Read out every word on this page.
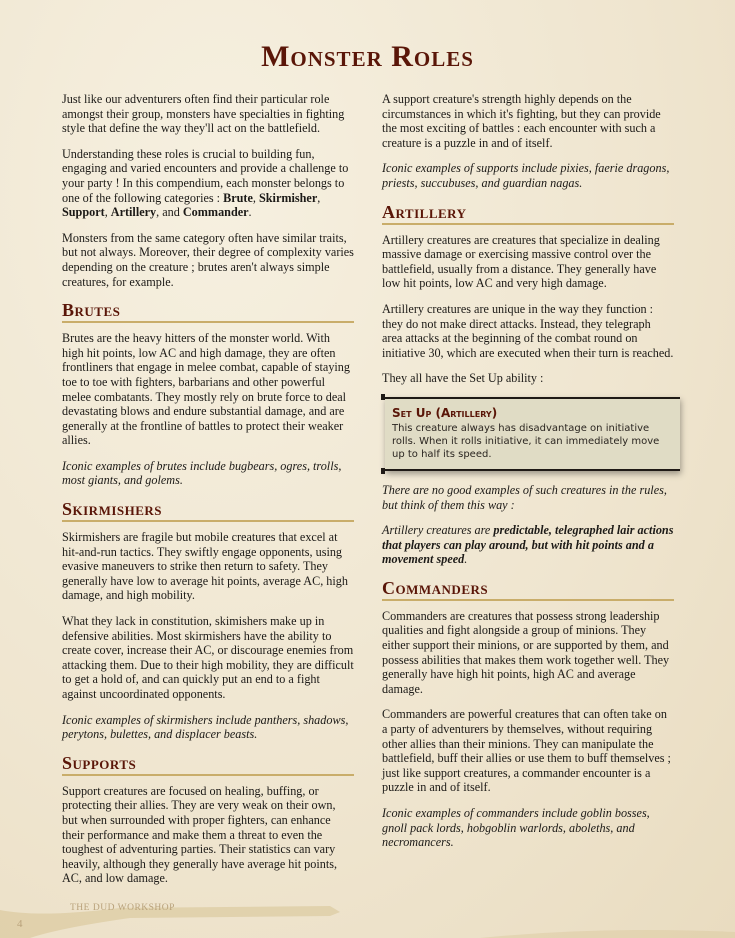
Monster Roles

Just like our adventurers often find their particular role amongst their group, monsters have specialties in fighting style that define the way they'll act on the battlefield.

Understanding these roles is crucial to building fun, engaging and varied encounters and provide a challenge to your party ! In this compendium, each monster belongs to one of the following categories : Brute, Skirmisher, Support, Artillery, and Commander.

Monsters from the same category often have similar traits, but not always. Moreover, their degree of complexity varies depending on the creature ; brutes aren't always simple creatures, for example.

Brutes

Brutes are the heavy hitters of the monster world. With high hit points, low AC and high damage, they are often frontliners that engage in melee combat, capable of staying toe to toe with fighters, barbarians and other powerful melee combatants. They mostly rely on brute force to deal devastating blows and endure substantial damage, and are generally at the frontline of battles to protect their weaker allies.

Iconic examples of brutes include bugbears, ogres, trolls, most giants, and golems.

Skirmishers

Skirmishers are fragile but mobile creatures that excel at hit-and-run tactics. They swiftly engage opponents, using evasive maneuvers to strike then return to safety. They generally have low to average hit points, average AC, high damage, and high mobility.

What they lack in constitution, skimishers make up in defensive abilities. Most skirmishers have the ability to create cover, increase their AC, or discourage enemies from attacking them. Due to their high mobility, they are difficult to get a hold of, and can quickly put an end to a fight against uncoordinated opponents.

Iconic examples of skirmishers include panthers, shadows, perytons, bulettes, and displacer beasts.

Supports

Support creatures are focused on healing, buffing, or protecting their allies. They are very weak on their own, but when surrounded with proper fighters, can enhance their performance and make them a threat to even the toughest of adventuring parties. Their statistics can vary heavily, although they generally have average hit points, AC, and low damage.

A support creature's strength highly depends on the circumstances in which it's fighting, but they can provide the most exciting of battles : each encounter with such a creature is a puzzle in and of itself.

Iconic examples of supports include pixies, faerie dragons, priests, succubuses, and guardian nagas.

Artillery

Artillery creatures are creatures that specialize in dealing massive damage or exercising massive control over the battlefield, usually from a distance. They generally have low hit points, low AC and very high damage.

Artillery creatures are unique in the way they function : they do not make direct attacks. Instead, they telegraph area attacks at the beginning of the combat round on initiative 30, which are executed when their turn is reached.

They all have the Set Up ability :

Set Up (Artillery)
This creature always has disadvantage on initiative rolls. When it rolls initiative, it can immediately move up to half its speed.

There are no good examples of such creatures in the rules, but think of them this way :

Artillery creatures are predictable, telegraphed lair actions that players can play around, but with hit points and a movement speed.

Commanders

Commanders are creatures that possess strong leadership qualities and fight alongside a group of minions. They either support their minions, or are supported by them, and possess abilities that makes them work together well. They generally have high hit points, high AC and average damage.

Commanders are powerful creatures that can often take on a party of adventurers by themselves, without requiring other allies than their minions. They can manipulate the battlefield, buff their allies or use them to buff themselves ; just like support creatures, a commander encounter is a puzzle in and of itself.

Iconic examples of commanders include goblin bosses, gnoll pack lords, hobgoblin warlords, aboleths, and necromancers.

THE DUD WORKSHOP
4
